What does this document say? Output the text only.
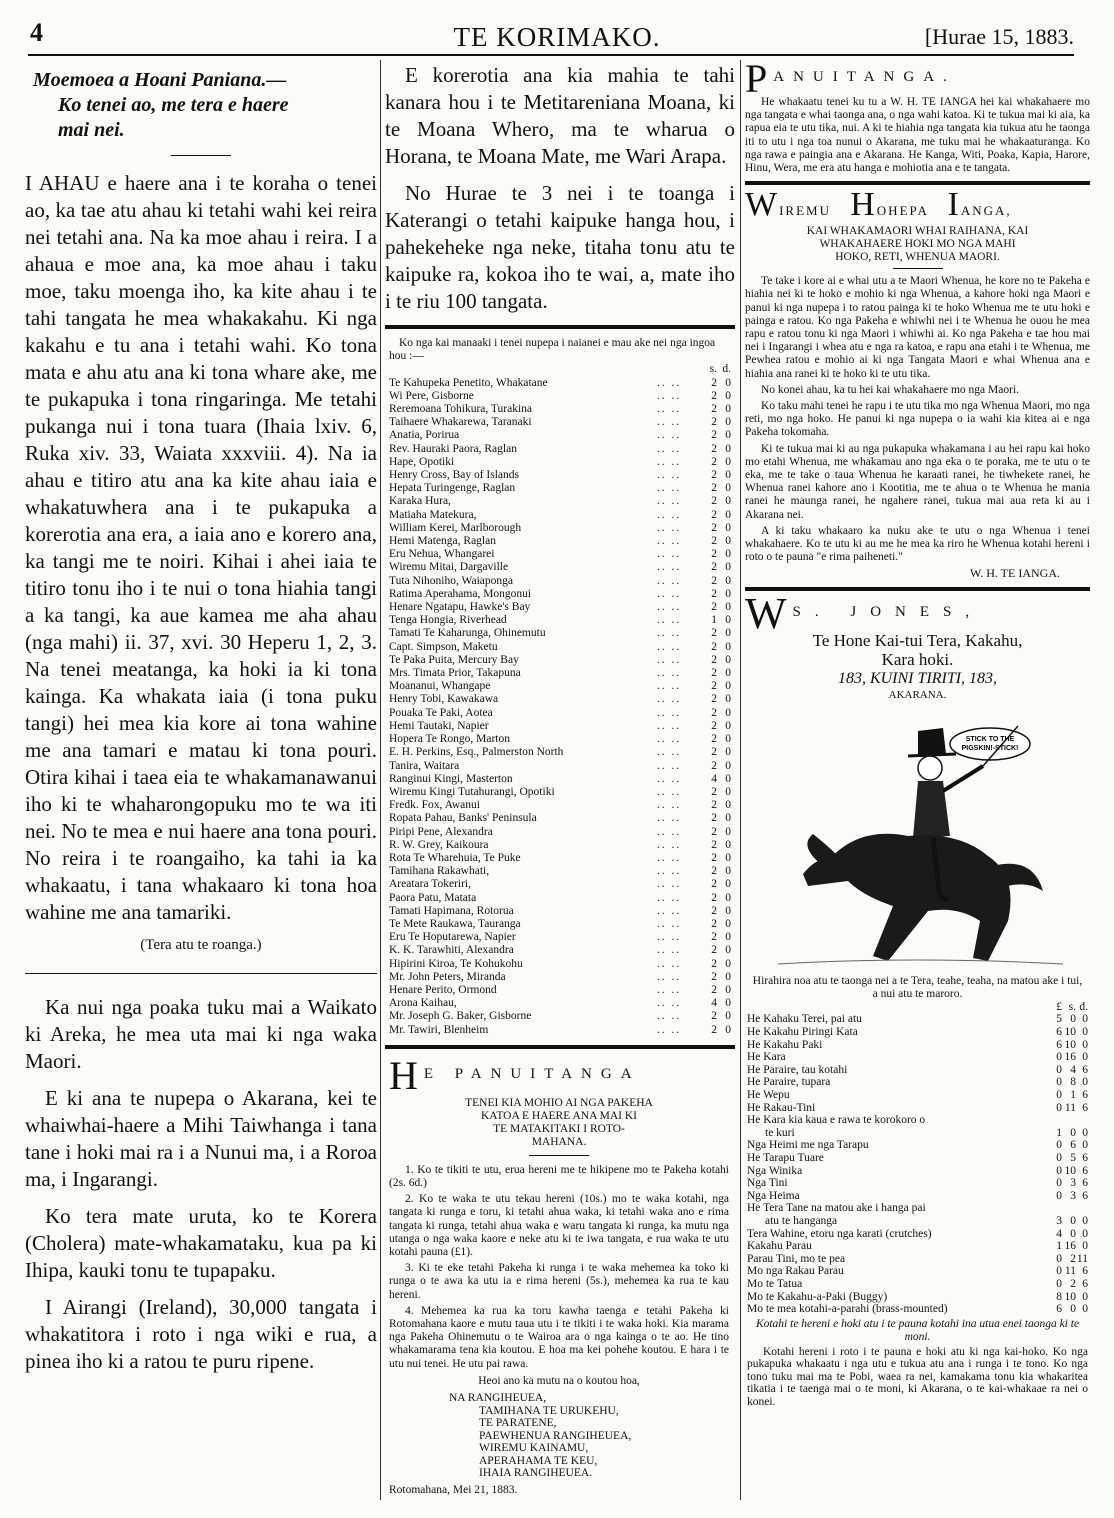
4	TE KORIMAKO.	[Hurae 15, 1883.
Moemoea a Hoani Paniana.—
Ko tenei ao, me tera e haere
mai nei.

I AHAU e haere ana i te koraha o tenei ao, ka tae atu ahau ki tetahi wahi kei reira nei tetahi ana. Na ka moe ahau i reira. I a ahaua e moe ana, ka moe ahau i taku moe, taku moenga iho, ka kite ahau i te tahi tangata he mea whakakahu. Ki nga kakahu e tu ana i tetahi wahi. Ko tona mata e ahu atu ana ki tona whare ake, me te pukapuka i tona ringaringa. Me tetahi pukanga nui i tona tuara (Ihaia lxiv. 6, Ruka xiv. 33, Waiata xxxviii. 4). Na ia ahau e titiro atu ana ka kite ahau iaia e whakatuwhera ana i te pukapuka a korerotia ana era, a iaia ano e korero ana, ka tangi me te noiri. Kihai i ahei iaia te titiro tonu iho i te nui o tona hiahia tangi a ka tangi, ka aue kamea me aha ahau (nga mahi) ii. 37, xvi. 30 Heperu 1, 2, 3. Na tenei meatanga, ka hoki ia ki tona kainga. Ka whakata iaia (i tona puku tangi) hei mea kia kore ai tona wahine me ana tamari e matau ki tona pouri. Otira kihai i taea eia te whakamanawanui iho ki te whaharongopuku mo te wa iti nei. No te mea e nui haere ana tona pouri. No reira i te roangaiho, ka tahi ia ka whakaatu, i tana whakaaro ki tona hoa wahine me ana tamariki.

(Tera atu te roanga.)

Ka nui nga poaka tuku mai a Waikato ki Areka, he mea uta mai ki nga waka Maori.

E ki ana te nupepa o Akarana, kei te whaiwhai-haere a Mihi Taiwhanga i tana tane i hoki mai ra i a Nunui ma, i a Roroa ma, i Ingarangi.

Ko tera mate uruta, ko te Korera (Cholera) mate-whakamataku, kua pa ki Ihipa, kauki tonu te tupapaku.

I Airangi (Ireland), 30,000 tangata i whakatitora i roto i nga wiki e rua, a pinea iho ki a ratou te puru ripene.

E korerotia ana kia mahia te tahi kanara hou i te Metitareniana Moana, ki te Moana Whero, ma te wharua o Horana, te Moana Mate, me Wari Arapa.

No Hurae te 3 nei i te toanga i Katerangi o tetahi kaipuke hanga hou, i pahekeheke nga neke, titaha tonu atu te kaipuke ra, kokoa iho te wai, a, mate iho i te riu 100 tangata.

Ko nga kai manaaki i tenei nupepa i naianei e mau ake nei nga ingoa hou :—
s. d.
Te Kahupeka Penetito, Whakatane	.. ..	2 0
Wi Pere, Gisborne	.. ..	2 0
Reremoana Tohikura, Turakina	.. ..	2 0
Taihaere Whakarewa, Taranaki	.. ..	2 0
Anatia, Porirua	.. ..	2 0
Rev. Hauraki Paora, Raglan	.. ..	2 0
Hape, Opotiki	.. ..	2 0
Henry Cross, Bay of Islands	.. ..	2 0
Hepata Turingenge, Raglan	.. ..	2 0
Karaka Hura,	.. ..	2 0
Matiaha Matekura,	.. ..	2 0
William Kerei, Marlborough	.. ..	2 0
Hemi Matenga, Raglan	.. ..	2 0
Eru Nehua, Whangarei	.. ..	2 0
Wiremu Mitai, Dargaville	.. ..	2 0
Tuta Nihoniho, Waiaponga	.. ..	2 0
Ratima Aperahama, Mongonui	.. ..	2 0
Henare Ngatapu, Hawke's Bay	.. ..	2 0
Tenga Hongia, Riverhead	.. ..	1 0
Tamati Te Kaharunga, Ohinemutu	.. ..	2 0
Capt. Simpson, Maketu	.. ..	2 0
Te Paka Puita, Mercury Bay	.. ..	2 0
Mrs. Timata Prior, Takapuna	.. ..	2 0
Moananui, Whangape	.. ..	2 0
Henry Tobi, Kawakawa	.. ..	2 0
Pouaka Te Paki, Aotea	.. ..	2 0
Hemi Tautaki, Napier	.. ..	2 0
Hopera Te Rongo, Marton	.. ..	2 0
E. H. Perkins, Esq., Palmerston North	.. ..	2 0
Tanira, Waitara	.. ..	2 0
Ranginui Kingi, Masterton	.. ..	4 0
Wiremu Kingi Tutahurangi, Opotiki	.. ..	2 0
Fredk. Fox, Awanui	.. ..	2 0
Ropata Pahau, Banks' Peninsula	.. ..	2 0
Piripi Pene, Alexandra	.. ..	2 0
R. W. Grey, Kaikoura	.. ..	2 0
Rota Te Wharehuia, Te Puke	.. ..	2 0
Tamihana Rakawhati,	.. ..	2 0
Areatara Tokeriri,	.. ..	2 0
Paora Patu, Matata	.. ..	2 0
Tamati Hapimana, Rotorua	.. ..	2 0
Te Mete Raukawa, Tauranga	.. ..	2 0
Eru Te Hoputarewa, Napier	.. ..	2 0
K. K. Tarawhiti, Alexandra	.. ..	2 0
Hipirini Kiroa, Te Kohukohu	.. ..	2 0
Mr. John Peters, Miranda	.. ..	2 0
Henare Perito, Ormond	.. ..	2 0
Arona Kaihau,	.. ..	4 0
Mr. Joseph G. Baker, Gisborne	.. ..	2 0
Mr. Tawiri, Blenheim	.. ..	2 0
H E PANUITANGA
TENEI KIA MOHIO AI NGA PAKEHA
KATOA E HAERE ANA MAI KI
TE MATAKITAKI I ROTO-
MAHANA.

1. Ko te tikiti te utu, erua hereni me te hikipene mo te Pakeha kotahi (2s. 6d.)

2. Ko te waka te utu tekau hereni (10s.) mo te waka kotahi, nga tangata ki runga e toru, ki tetahi ahua waka, ki tetahi waka ano e rima tangata ki runga, tetahi ahua waka e waru tangata ki runga, ka mutu nga utanga o nga waka kaore e neke atu ki te iwa tangata, e rua waka te utu kotahi pauna (£1).

3. Ki te eke tetahi Pakeha ki runga i te waka mehemea ka toko ki runga o te awa ka utu ia e rima hereni (5s.), mehemea ka rua te kau hereni.

4. Mehemea ka rua ka toru kawha taenga e tetahi Pakeha ki Rotomahana kaore e mutu taua utu i te tikiti i te waka hoki. Kia marama nga Pakeha Ohinemutu o te Wairoa ara o nga kainga o te ao. He tino whakamarama tena kia koutou. E hoa ma kei pohehe koutou. E hara i te utu nui tenei. He utu pai rawa.

Heoi ano ka mutu na o koutou hoa,
NA RANGIHEUEA,
TAMIHANA TE URUKEHU,
TE PARATENE,
PAEWHENUA RANGIHEUEA,
WIREMU KAINAMU,
APERAHAMA TE KEU,
IHAIA RANGIHEUEA.
Rotomahana, Mei 21, 1883.
P ANUITANGA.

He whakaatu tenei ku tu a W. H. TE IANGA hei kai whakahaere mo nga tangata e whai taonga ana, o nga wahi katoa. Ki te tukua mai ki aia, ka rapua eia te utu tika, nui. A ki te hiahia nga tangata kia tukua atu he taonga iti to utu i nga toa nunui o Akarana, me tuku mai he whakaaturanga. Ko nga rawa e paingia ana e Akarana. He Kanga, Witi, Poaka, Kapia, Harore, Hinu, Wera, me era atu hanga e mohiotia ana e te tangata.

WIREMU HOHEPA IANGA,
KAI WHAKAMAORI WHAI RAIHANA, KAI
WHAKAHAERE HOKI MO NGA MAHI
HOKO, RETI, WHENUA MAORI.

Te take i kore ai e whai utu a te Maori Whenua, he kore no te Pakeha e hiahia nei ki te hoko e mohio ki nga Whenua, a kahore hoki nga Maori e panui ki nga nupepa i to ratou painga ki te hoko Whenua me te utu hoki e painga e ratou. Ko nga Pakeha e whiwhi nei i te Whenua he ouou he mea rapu e ratou tonu ki nga Maori i whiwhi ai. Ko nga Pakeha e tae hou mai nei i Ingarangi i whea atu e nga ra katoa, e rapu ana etahi i te Whenua, me Pewhea ratou e mohio ai ki nga Tangata Maori e whai Whenua ana e hiahia ana ranei ki te hoko ki te utu tika.

No konei ahau, ka tu hei kai whakahaere mo nga Maori.

Ko taku mahi tenei he rapu i te utu tika mo nga Whenua Maori, mo nga reti, mo nga hoko. He panui ki nga nupepa o ia wahi kia kitea ai e nga Pakeha tokomaha.

Ki te tukua mai ki au nga pukapuka whakamana i au hei rapu kai hoko mo etahi Whenua, me whakamau ano nga eka o te poraka, me te utu o te eka, me te take o taua Whenua he karaati ranei, he tiwhekete ranei, he Whenua ranei kahore ano i Kootitia, me te ahua o te Whenua he mania ranei he maunga ranei, he ngahere ranei, tukua mai aua reta ki au i Akarana nei.

A ki taku whakaaro ka nuku ake te utu o nga Whenua i tenei whakahaere. Ko te utu ki au me he mea ka riro he Whenua kotahi hereni i roto o te pauna "e rima paiheneti."

W. H. TE IANGA.
W S. JONES,
Te Hone Kai-tui Tera, Kakahu,
Kara hoki.
183, KUINI TIRITI, 183,
AKARANA.
STICK TO THE
PIGSKIN!-STICK!
Hirahira noa atu te taonga nei a te Tera, teahe, teaha, na matou ake i tui, a nui atu te maroro.
£ s. d.
He Kahaku Terei, pai atu	5 0 0
He Kakahu Piringi Kata	6 10 0
He Kakahu Paki	6 10 0
He Kara	0 16 0
He Paraire, tau kotahi	0 4 6
He Paraire, tupara	0 8 0
He Wepu	0 1 6
He Rakau-Tini	0 11 6
He Kara kia kaua e rawa te korokoro o
te kuri	1 0 0
Nga Heimi me nga Tarapu	0 6 0
He Tarapu Tuare	0 5 6
Nga Winika	0 10 6
Nga Tini	0 3 6
Nga Heima	0 3 6
He Tera Tane na matou ake i hanga pai
atu te hanganga	3 0 0
Tera Wahine, etoru nga karati (crutches)	4 0 0
Kakahu Parau	1 16 0
Parau Tini, mo te pea	0 2 11
Mo nga Rakau Parau	0 11 6
Mo te Tatua	0 2 6
Mo te Kakahu-a-Paki (Buggy)	8 10 0
Mo te mea kotahi-a-parahi (brass-mounted)	6 0 0
Kotahi te hereni e hoki atu i te pauna kotahi ina utua enei taonga ki te moni.

Kotahi hereni i roto i te pauna e hoki atu ki nga kai-hoko. Ko nga pukapuka whakaatu i nga utu e tukua atu ana i runga i te tono. Ko nga tono tuku mai ma te Pobi, waea ra nei, kamakama tonu kia whakaritea tikatia i te taenga mai o te moni, ki Akarana, o te kai-whakaae ra nei o konei.
